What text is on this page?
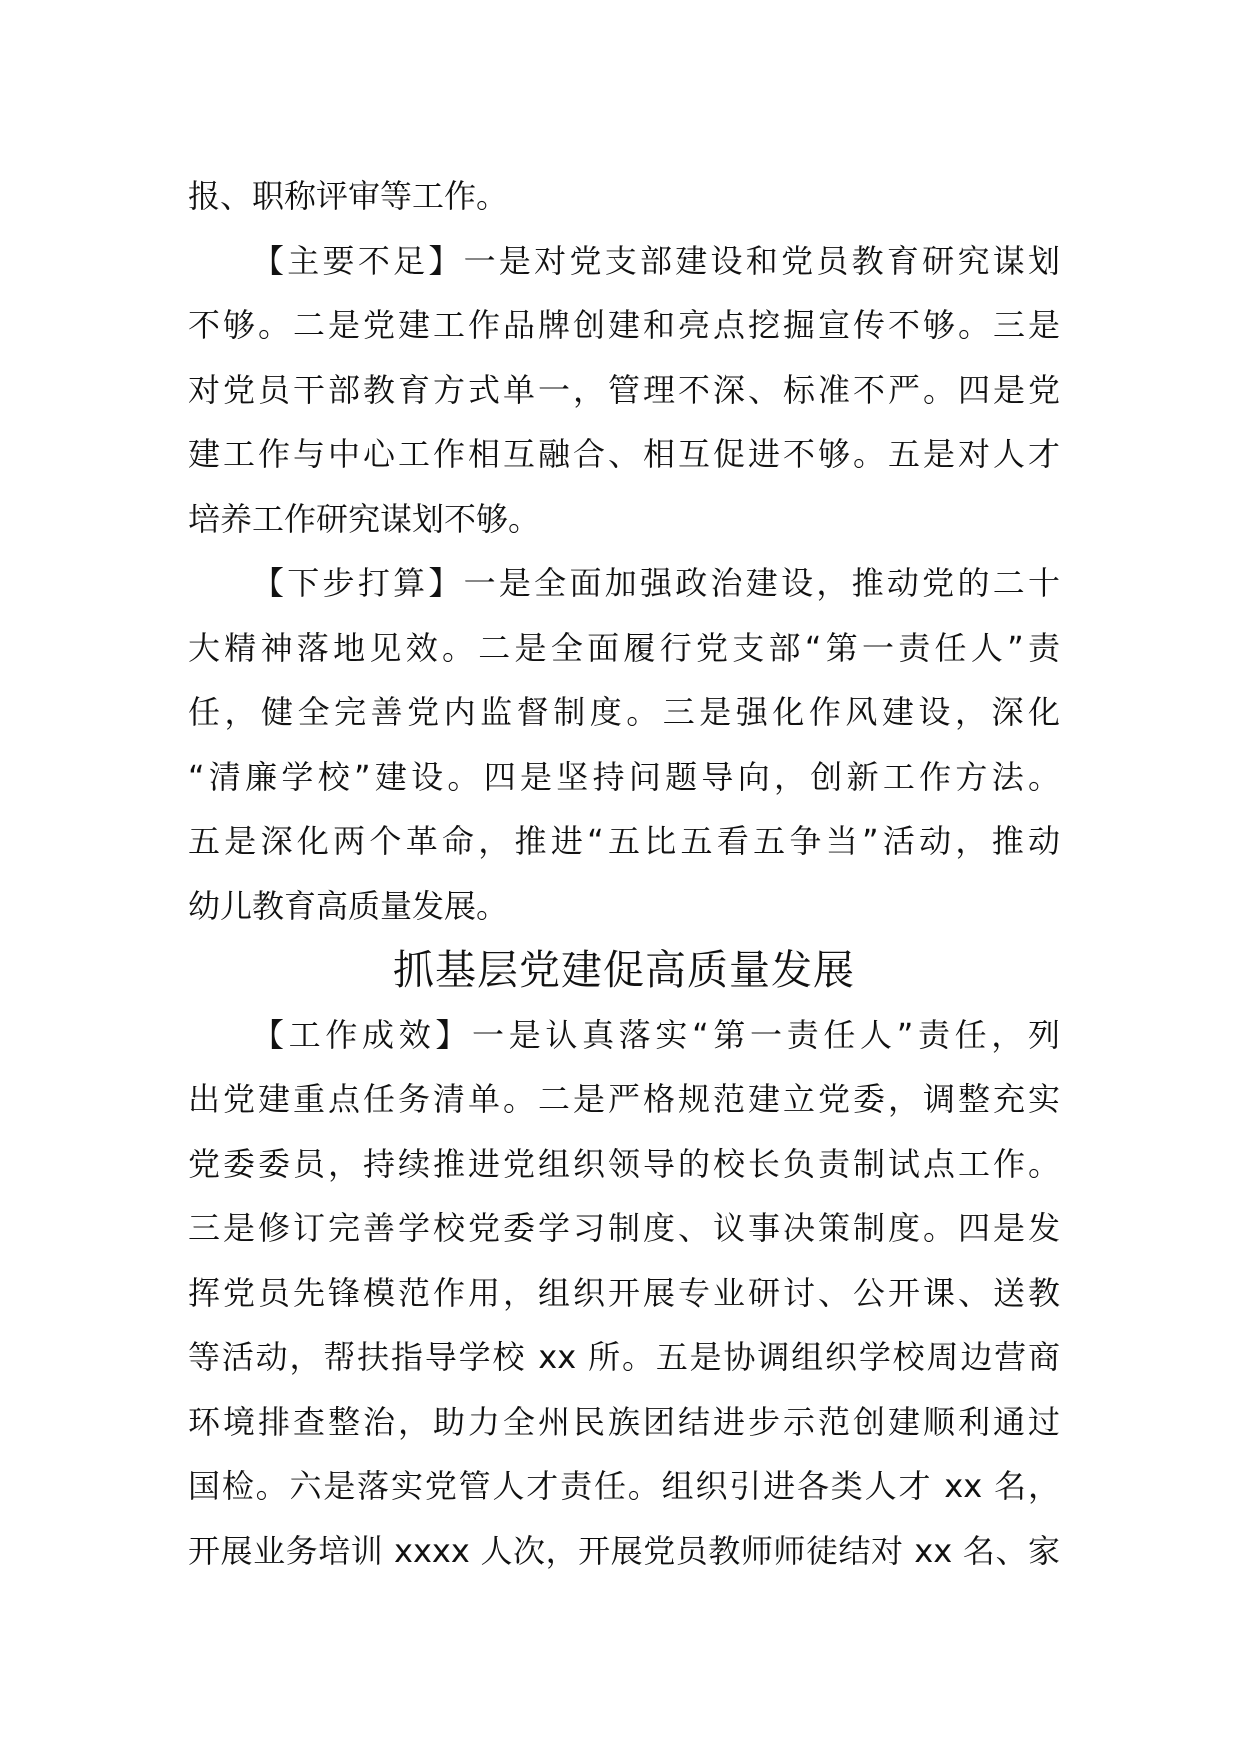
报、职称评审等工作。
【主要不足】一是对党支部建设和党员教育研究谋划
不够。二是党建工作品牌创建和亮点挖掘宣传不够。三是
对党员干部教育方式单一，管理不深、标准不严。四是党
建工作与中心工作相互融合、相互促进不够。五是对人才
培养工作研究谋划不够。
【下步打算】一是全面加强政治建设，推动党的二十
大精神落地见效。二是全面履行党支部“第一责任人”责
任，健全完善党内监督制度。三是强化作风建设，深化
“清廉学校”建设。四是坚持问题导向，创新工作方法。
五是深化两个革命，推进“五比五看五争当”活动，推动
幼儿教育高质量发展。
抓基层党建促高质量发展
【工作成效】一是认真落实“第一责任人”责任，列
出党建重点任务清单。二是严格规范建立党委，调整充实
党委委员，持续推进党组织领导的校长负责制试点工作。
三是修订完善学校党委学习制度、议事决策制度。四是发
挥党员先锋模范作用，组织开展专业研讨、公开课、送教
等活动，帮扶指导学校 xx 所。五是协调组织学校周边营商
环境排查整治，助力全州民族团结进步示范创建顺利通过
国检。六是落实党管人才责任。组织引进各类人才 xx 名，
开展业务培训 xxxx 人次，开展党员教师师徒结对 xx 名、家
